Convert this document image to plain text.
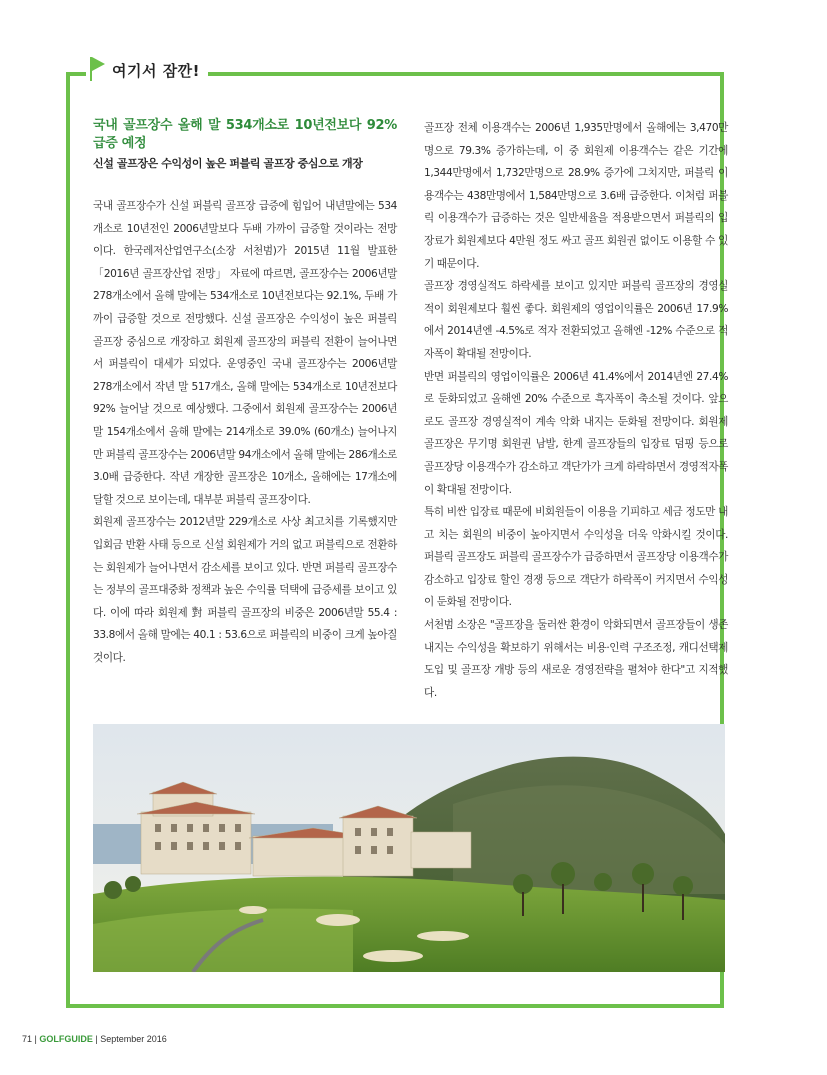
여기서 잠깐!

국내 골프장수 올해 말 534개소로 10년전보다 92% 급증 예정

신설 골프장은 수익성이 높은 퍼블릭 골프장 중심으로 개장

국내 골프장수가 신설 퍼블릭 골프장 급증에 힘입어 내년말에는 534개소로 10년전인 2006년말보다 두배 가까이 급증할 것이라는 전망이다. 한국레저산업연구소(소장 서천범)가 2015년 11월 발표한 「2016년 골프장산업 전망」 자료에 따르면, 골프장수는 2006년말 278개소에서 올해 말에는 534개소로 10년전보다는 92.1%, 두배 가까이 급증할 것으로 전망했다. 신설 골프장은 수익성이 높은 퍼블릭 골프장 중심으로 개장하고 회원제 골프장의 퍼블릭 전환이 늘어나면서 퍼블릭이 대세가 되었다. 운영중인 국내 골프장수는 2006년말 278개소에서 작년 말 517개소, 올해 말에는 534개소로 10년전보다 92% 늘어날 것으로 예상했다. 그중에서 회원제 골프장수는 2006년말 154개소에서 올해 말에는 214개소로 39.0% (60개소) 늘어나지만 퍼블릭 골프장수는 2006년말 94개소에서 올해 말에는 286개소로 3.0배 급증한다. 작년 개장한 골프장은 10개소, 올해에는 17개소에 달할 것으로 보이는데, 대부분 퍼블릭 골프장이다.

회원제 골프장수는 2012년말 229개소로 사상 최고치를 기록했지만 입회금 반환 사태 등으로 신설 회원제가 거의 없고 퍼블릭으로 전환하는 회원제가 늘어나면서 감소세를 보이고 있다. 반면 퍼블릭 골프장수는 정부의 골프대중화 정책과 높은 수익률 덕택에 급증세를 보이고 있다. 이에 따라 회원제 對 퍼블릭 골프장의 비중은 2006년말 55.4 : 33.8에서 올해 말에는 40.1 : 53.6으로 퍼블릭의 비중이 크게 높아질 것이다.

골프장 전체 이용객수는 2006년 1,935만명에서 올해에는 3,470만명으로 79.3% 증가하는데, 이 중 회원제 이용객수는 같은 기간에 1,344만명에서 1,732만명으로 28.9% 증가에 그치지만, 퍼블릭 이용객수는 438만명에서 1,584만명으로 3.6배 급증한다. 이처럼 퍼블릭 이용객수가 급증하는 것은 일반세율을 적용받으면서 퍼블릭의 입장료가 회원제보다 4만원 정도 싸고 골프 회원권 없이도 이용할 수 있기 때문이다.

골프장 경영실적도 하락세를 보이고 있지만 퍼블릭 골프장의 경영실적이 회원제보다 훨씬 좋다. 회원제의 영업이익률은 2006년 17.9%에서 2014년엔 -4.5%로 적자 전환되었고 올해엔 -12% 수준으로 적자폭이 확대될 전망이다.

반면 퍼블릭의 영업이익률은 2006년 41.4%에서 2014년엔 27.4%로 둔화되었고 올해엔 20% 수준으로 흑자폭이 축소될 것이다. 앞으로도 골프장 경영실적이 계속 악화 내지는 둔화될 전망이다. 회원제 골프장은 무기명 회원권 남발, 한계 골프장들의 입장료 덤핑 등으로 골프장당 이용객수가 감소하고 객단가가 크게 하락하면서 경영적자폭이 확대될 전망이다.

특히 비싼 입장료 때문에 비회원들이 이용을 기피하고 세금 정도만 내고 치는 회원의 비중이 높아지면서 수익성을 더욱 악화시킬 것이다. 퍼블릭 골프장도 퍼블릭 골프장수가 급증하면서 골프장당 이용객수가 감소하고 입장료 할인 경쟁 등으로 객단가 하락폭이 커지면서 수익성이 둔화될 전망이다.

서천범 소장은 "골프장을 둘러싼 환경이 악화되면서 골프장들이 생존 내지는 수익성을 확보하기 위해서는 비용·인력 구조조정, 캐디선택제 도입 및 골프장 개방 등의 새로운 경영전략을 펼쳐야 한다"고 지적했다.

71 | GOLFGUIDE | September 2016
